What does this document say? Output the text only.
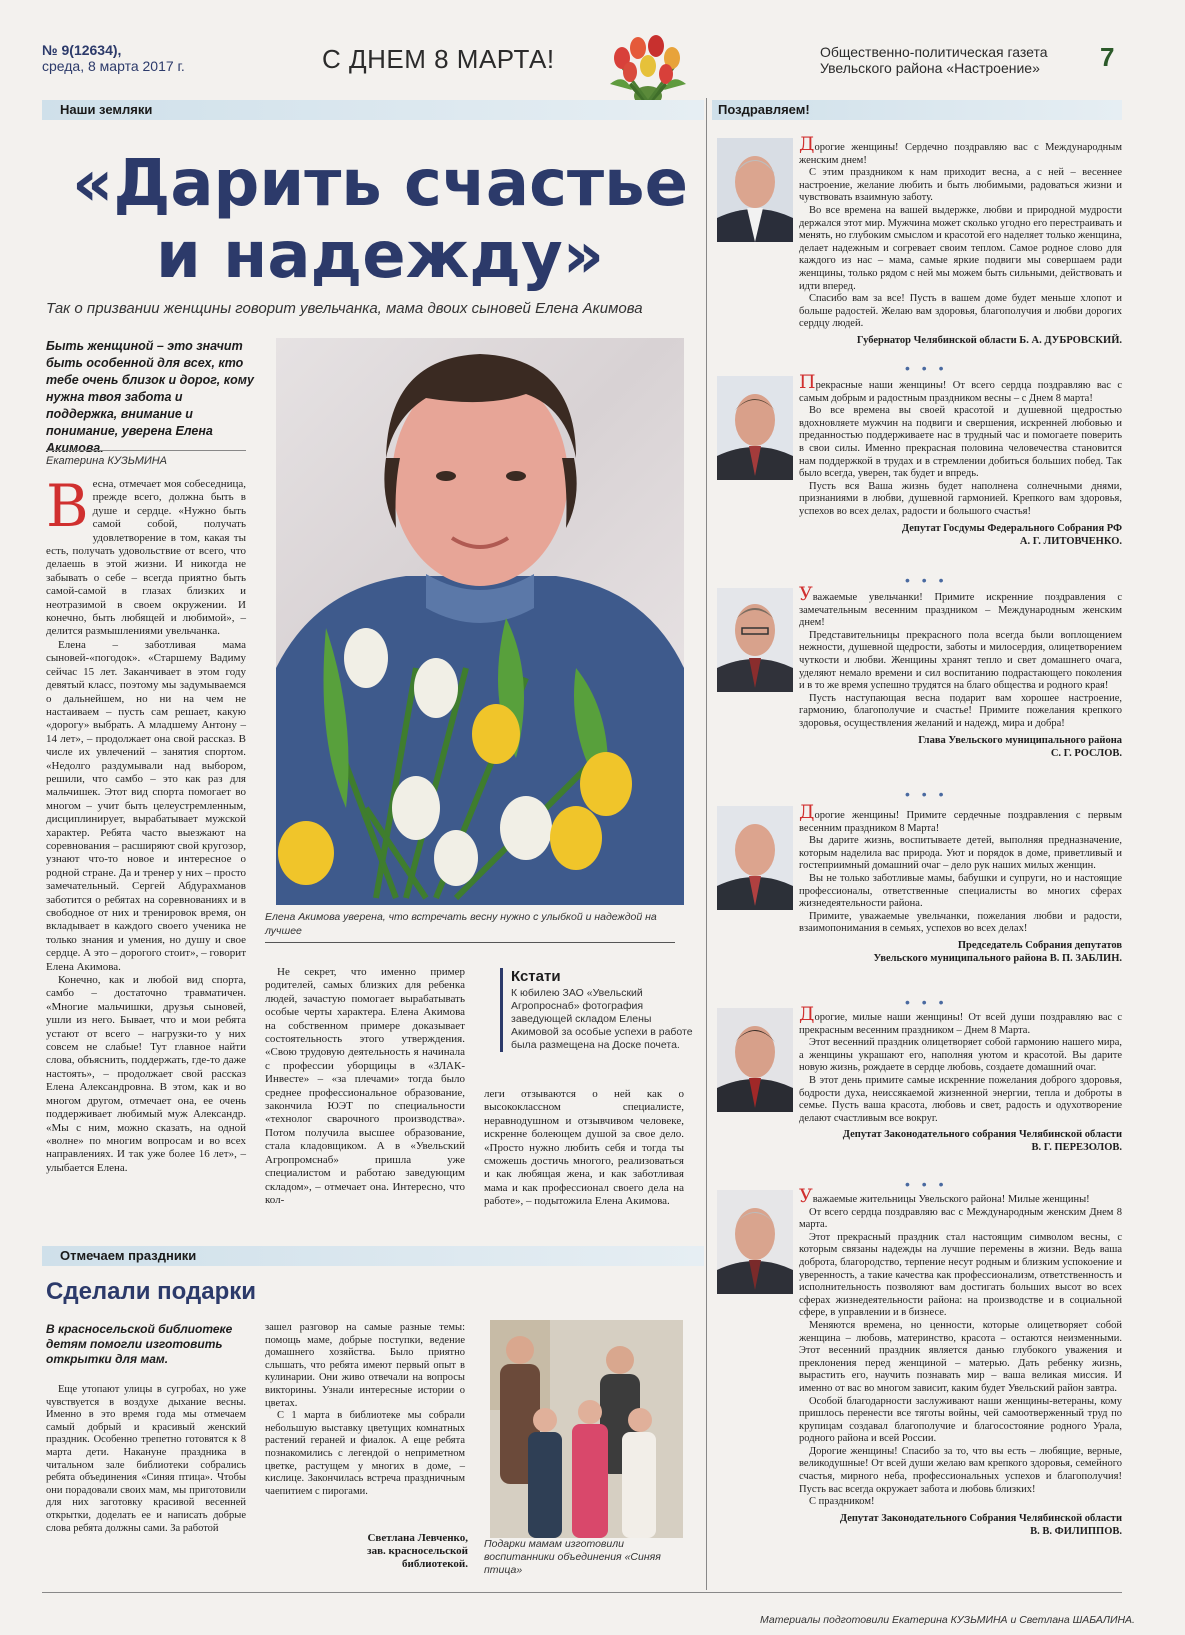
№ 9(12634),
среда, 8 марта 2017 г.	С ДНЕМ 8 МАРТА!	Общественно-политическая газета
Увельского района «Настроение» 7
Наши земляки	Поздравляем!
«Дарить счастье
и надежду»
Так о призвании женщины говорит увельчанка, мама двоих сыновей Елена Акимова
Быть женщиной – это значит быть особенной для всех, кто тебе очень близок и дорог, кому нужна твоя забота и поддержка, внимание и понимание, уверена Елена Акимова.
Екатерина КУЗЬМИНА
Елена Акимова уверена, что встречать весну нужно с улыбкой и надеждой на лучшее

Весна, отмечает моя собеседница, прежде всего, должна быть в душе и сердце. «Нужно быть самой собой, получать удовлетворение в том, какая ты есть, получать удовольствие от всего, что делаешь в этой жизни. И никогда не забывать о себе – всегда приятно быть самой-самой в глазах близких и неотразимой в своем окружении. И конечно, быть любящей и любимой», – делится размышлениями увельчанка.

Елена – заботливая мама сыновей-«погодок». «Старшему Вадиму сейчас 15 лет. Заканчивает в этом году девятый класс, поэтому мы задумываемся о дальнейшем, но ни на чем не настаиваем – пусть сам решает, какую «дорогу» выбрать. А младшему Антону – 14 лет», – продолжает она свой рассказ. В числе их увлечений – занятия спортом. «Недолго раздумывали над выбором, решили, что самбо – это как раз для мальчишек. Этот вид спорта помогает во многом – учит быть целеустремленным, дисциплинирует, вырабатывает мужской характер. Ребята часто выезжают на соревнования – расширяют свой кругозор, узнают что-то новое и интересное о родной стране. Да и тренер у них – просто замечательный. Сергей Абдурахманов заботится о ребятах на соревнованиях и в свободное от них и тренировок время, он вкладывает в каждого своего ученика не только знания и умения, но душу и свое сердце. А это – дорогого стоит», – говорит Елена Акимова.

Конечно, как и любой вид спорта, самбо – достаточно травматичен. «Многие мальчишки, друзья сыновей, ушли из него. Бывает, что и мои ребята устают от всего – нагрузки-то у них совсем не слабые! Тут главное найти слова, объяснить, поддержать, где-то даже настоять», – продолжает свой рассказ Елена Александровна. В этом, как и во многом другом, отмечает она, ее очень поддерживает любимый муж Александр. «Мы с ним, можно сказать, на одной «волне» по многим вопросам и во всех направлениях. И так уже более 16 лет», – улыбается Елена.

Не секрет, что именно пример родителей, самых близких для ребенка людей, зачастую помогает вырабатывать особые черты характера. Елена Акимова на собственном примере доказывает состоятельность этого утверждения. «Свою трудовую деятельность я начинала с профессии уборщицы в «ЗЛАК-Инвесте» – «за плечами» тогда было среднее профессиональное образование, закончила ЮЭТ по специальности «технолог сварочного производства». Потом получила высшее образование, стала кладовщиком. А в «Увельский Агропромснаб» пришла уже специалистом и работаю заведующим складом», – отмечает она. Интересно, что кол-

Кстати
К юбилею ЗАО «Увельский Агропроснаб» фотография заведующей складом Елены Акимовой за особые успехи в работе была размещена на Доске почета.

леги отзываются о ней как о высококлассном специалисте, неравнодушном и отзывчивом человеке, искренне болеющем душой за свое дело. «Просто нужно любить себя и тогда ты сможешь достичь многого, реализоваться и как любящая жена, и как заботливая мама и как профессионал своего дела на работе», – подытожила Елена Акимова.

Отмечаем праздники
Сделали подарки
В красносельской библиотеке детям помогли изготовить открытки для мам.

Еще утопают улицы в сугробах, но уже чувствуется в воздухе дыхание весны. Именно в это время года мы отмечаем самый добрый и красивый женский праздник. Особенно трепетно готовятся к 8 марта дети. Накануне праздника в читальном зале библиотеки собрались ребята объединения «Синяя птица». Чтобы они порадовали своих мам, мы приготовили для них заготовку красивой весенней открытки, доделать ее и написать добрые слова ребята должны сами. За работой

зашел разговор на самые разные темы: помощь маме, добрые поступки, ведение домашнего хозяйства. Было приятно слышать, что ребята имеют первый опыт в кулинарии. Они живо отвечали на вопросы викторины. Узнали интересные истории о цветах.

С 1 марта в библиотеке мы собрали небольшую выставку цветущих комнатных растений гераней и фиалок. А еще ребята познакомились с легендой о неприметном цветке, растущем у многих в доме, – кислице. Закончилась встреча праздничным чаепитием с пирогами.

Светлана Левченко,
зав. красносельской
библиотекой.
Подарки мамам изготовили воспитанники объединения «Синяя птица»

Дорогие женщины! Сердечно поздравляю вас с Международным женским днем!

С этим праздником к нам приходит весна, а с ней – весеннее настроение, желание любить и быть любимыми, радоваться жизни и чувствовать взаимную заботу.

Во все времена на вашей выдержке, любви и природной мудрости держался этот мир. Мужчина может сколько угодно его перестраивать и менять, но глубоким смыслом и красотой его наделяет только женщина, делает надежным и согревает своим теплом. Самое родное слово для каждого из нас – мама, самые яркие подвиги мы совершаем ради женщины, только рядом с ней мы можем быть сильными, действовать и идти вперед.

Спасибо вам за все! Пусть в вашем доме будет меньше хлопот и больше радостей. Желаю вам здоровья, благополучия и любви дорогих сердцу людей.

Губернатор Челябинской области Б. А. ДУБРОВСКИЙ.
• • •

Прекрасные наши женщины! От всего сердца поздравляю вас с самым добрым и радостным праздником весны – с Днем 8 марта!

Во все времена вы своей красотой и душевной щедростью вдохновляете мужчин на подвиги и свершения, искренней любовью и преданностью поддерживаете нас в трудный час и помогаете поверить в свои силы. Именно прекрасная половина человечества становится нам поддержкой в трудах и в стремлении добиться больших побед. Так было всегда, уверен, так будет и впредь.

Пусть вся Ваша жизнь будет наполнена солнечными днями, признаниями в любви, душевной гармонией. Крепкого вам здоровья, успехов во всех делах, радости и большого счастья!

Депутат Госдумы Федерального Собрания РФ
А. Г. ЛИТОВЧЕНКО.
• • •

Уважаемые увельчанки! Примите искренние поздравления с замечательным весенним праздником – Международным женским днем!

Представительницы прекрасного пола всегда были воплощением нежности, душевной щедрости, заботы и милосердия, олицетворением чуткости и любви. Женщины хранят тепло и свет домашнего очага, уделяют немало времени и сил воспитанию подрастающего поколения и в то же время успешно трудятся на благо общества и родного края!

Пусть наступающая весна подарит вам хорошее настроение, гармонию, благополучие и счастье! Примите пожелания крепкого здоровья, осуществления желаний и надежд, мира и добра!

Глава Увельского муниципального района
С. Г. РОСЛОВ.
• • •

Дорогие женщины! Примите сердечные поздравления с первым весенним праздником 8 Марта!

Вы дарите жизнь, воспитываете детей, выполняя предназначение, которым наделила вас природа. Уют и порядок в доме, приветливый и гостеприимный домашний очаг – дело рук наших милых женщин.

Вы не только заботливые мамы, бабушки и супруги, но и настоящие профессионалы, ответственные специалисты во многих сферах жизнедеятельности района.

Примите, уважаемые увельчанки, пожелания любви и радости, взаимопонимания в семьях, успехов во всех делах!

Председатель Собрания депутатов
Увельского муниципального района В. П. ЗАБЛИН.
• • •

Дорогие, милые наши женщины! От всей души поздравляю вас с прекрасным весенним праздником – Днем 8 Марта.

Этот весенний праздник олицетворяет собой гармонию нашего мира, а женщины украшают его, наполняя уютом и красотой. Вы дарите новую жизнь, рождаете в сердце любовь, создаете домашний очаг.

В этот день примите самые искренние пожелания доброго здоровья, бодрости духа, неиссякаемой жизненной энергии, тепла и доброты в семье. Пусть ваша красота, любовь и свет, радость и одухотворение делают счастливым все вокруг.

Депутат Законодательного собрания Челябинской области
В. Г. ПЕРЕЗОЛОВ.
• • •

Уважаемые жительницы Увельского района! Милые женщины!

От всего сердца поздравляю вас с Международным женским Днем 8 марта.

Этот прекрасный праздник стал настоящим символом весны, с которым связаны надежды на лучшие перемены в жизни. Ведь ваша доброта, благородство, терпение несут родным и близким успокоение и уверенность, а такие качества как профессионализм, ответственность и исполнительность позволяют вам достигать больших высот во всех сферах жизнедеятельности района: на производстве и в социальной сфере, в управлении и в бизнесе.

Меняются времена, но ценности, которые олицетворяет собой женщина – любовь, материнство, красота – остаются неизменными. Этот весенний праздник является данью глубокого уважения и преклонения перед женщиной – матерью. Дать ребенку жизнь, вырастить его, научить познавать мир – ваша великая миссия. И именно от вас во многом зависит, каким будет Увельский район завтра.

Особой благодарности заслуживают наши женщины-ветераны, кому пришлось перенести все тяготы войны, чей самоотверженный труд по крупицам создавал благополучие и благосостояние родного Урала, родного района и всей России.

Дорогие женщины! Спасибо за то, что вы есть – любящие, верные, великодушные! От всей души желаю вам крепкого здоровья, семейного счастья, мирного неба, профессиональных успехов и благополучия! Пусть вас всегда окружает забота и любовь близких!

С праздником!

Депутат Законодательного Собрания Челябинской области
В. В. ФИЛИППОВ.
Материалы подготовили Екатерина КУЗЬМИНА и Светлана ШАБАЛИНА.
